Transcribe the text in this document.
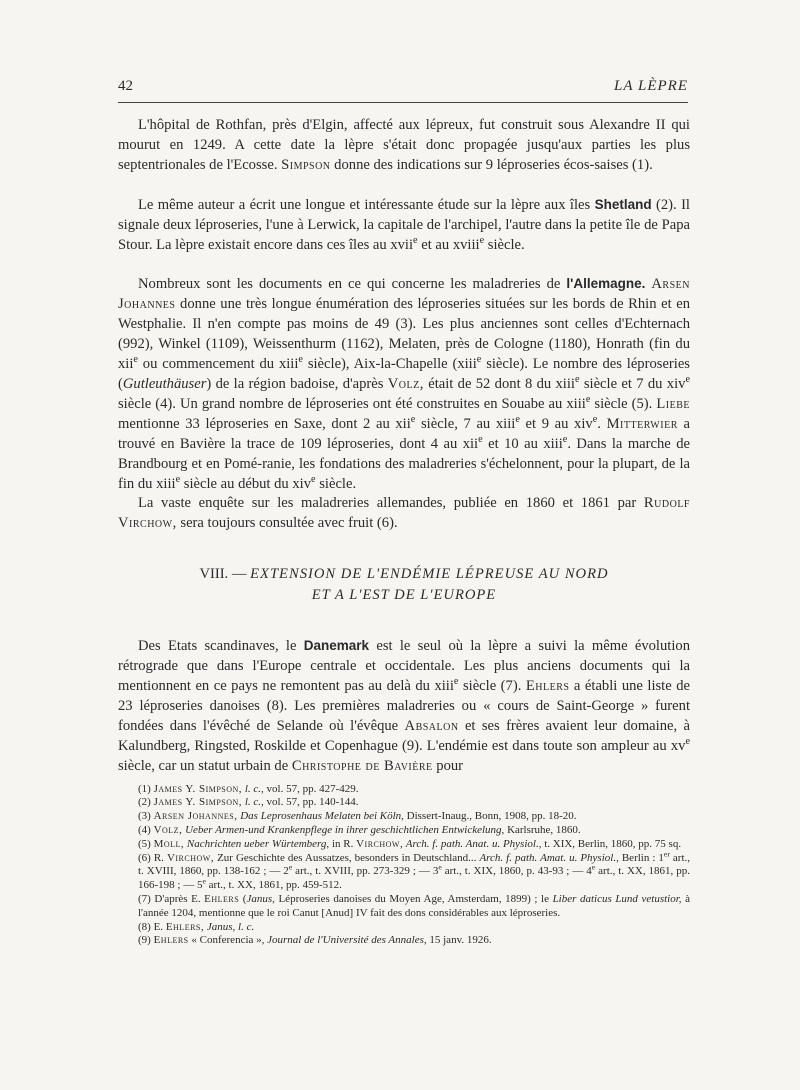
42	LA LÈPRE

L'hôpital de Rothfan, près d'Elgin, affecté aux lépreux, fut construit sous Alexandre II qui mourut en 1249. A cette date la lèpre s'était donc propagée jusqu'aux parties les plus septentrionales de l'Ecosse. Simpson donne des indications sur 9 léproseries écos-saises (1).

Le même auteur a écrit une longue et intéressante étude sur la lèpre aux îles Shetland (2). Il signale deux léproseries, l'une à Lerwick, la capitale de l'archipel, l'autre dans la petite île de Papa Stour. La lèpre existait encore dans ces îles au xvii$^e$ et au xviii$^e$ siècle.

Nombreux sont les documents en ce qui concerne les maladreries de l'Allemagne. Arsen Johannes donne une très longue énumération des léproseries situées sur les bords de Rhin et en Westphalie. Il n'en compte pas moins de 49 (3). Les plus anciennes sont celles d'Echternach (992), Winkel (1109), Weissenthurm (1162), Melaten, près de Cologne (1180), Honrath (fin du xii$^e$ ou commencement du xiii$^e$ siècle), Aix-la-Chapelle (xiii$^e$ siècle). Le nombre des léproseries (Gutleuthäuser) de la région badoise, d'après Volz, était de 52 dont 8 du xiii$^e$ siècle et 7 du xiv$^e$ siècle (4). Un grand nombre de léproseries ont été construites en Souabe au xiii$^e$ siècle (5). Liebe mentionne 33 léproseries en Saxe, dont 2 au xii$^e$ siècle, 7 au xiii$^e$ et 9 au xiv$^e$. Mitterwier a trouvé en Bavière la trace de 109 léproseries, dont 4 au xii$^e$ et 10 au xiii$^e$. Dans la marche de Brandbourg et en Pomé-ranie, les fondations des maladreries s'échelonnent, pour la plupart, de la fin du xiii$^e$ siècle au début du xiv$^e$ siècle.

La vaste enquête sur les maladreries allemandes, publiée en 1860 et 1861 par Rudolf Virchow, sera toujours consultée avec fruit (6).

VIII. — EXTENSION DE L'ENDÉMIE LÉPREUSE AU NORD
ET A L'EST DE L'EUROPE

Des Etats scandinaves, le Danemark est le seul où la lèpre a suivi la même évolution rétrograde que dans l'Europe centrale et occidentale. Les plus anciens documents qui la mentionnent en ce pays ne remontent pas au delà du xiii$^e$ siècle (7). Ehlers a établi une liste de 23 léproseries danoises (8). Les premières maladreries ou « cours de Saint-George » furent fondées dans l'évêché de Selande où l'évêque Absalon et ses frères avaient leur domaine, à Kalundberg, Ringsted, Roskilde et Copenhague (9). L'endémie est dans toute son ampleur au $xv^e$ siècle, car un statut urbain de Christophe de Bavière pour

(1) James Y. Simpson, l. c., vol. 57, pp. 427-429.
(2) James Y. Simpson, l. c., vol. 57, pp. 140-144.
(3) Arsen Johannes, Das Leprosenhaus Melaten bei Köln, Dissert-Inaug., Bonn, 1908, pp. 18-20.
(4) Volz, Ueber Armen-und Krankenpflege in ihrer geschichtlichen Entwickelung, Karlsruhe, 1860.
(5) Moll, Nachrichten ueber Würtemberg, in R. Virchow, Arch. f. path. Anat. u. Physiol., t. XIX, Berlin, 1860, pp. 75 sq.
(6) R. Virchow, Zur Geschichte des Aussatzes, besonders in Deutschland... Arch. f. path. Amat. u. Physiol., Berlin : 1er art., t. XVIII, 1860, pp. 138-162 ; — 2e art., t. XVIII, pp. 273-329 ; — 3e art., t. XIX, 1860, p. 43-93 ; — 4e art., t. XX, 1861, pp. 166-198 ; — 5e art., t. XX, 1861, pp. 459-512.
(7) D'après E. Ehlers (Janus, Léproseries danoises du Moyen Age, Amsterdam, 1899) ; le Liber daticus Lund vetustior, à l'année 1204, mentionne que le roi Canut [Anud] IV fait des dons considérables aux léproseries.
(8) E. Ehlers, Janus, l. c.
(9) Ehlers « Conferencia », Journal de l'Université des Annales, 15 janv. 1926.
